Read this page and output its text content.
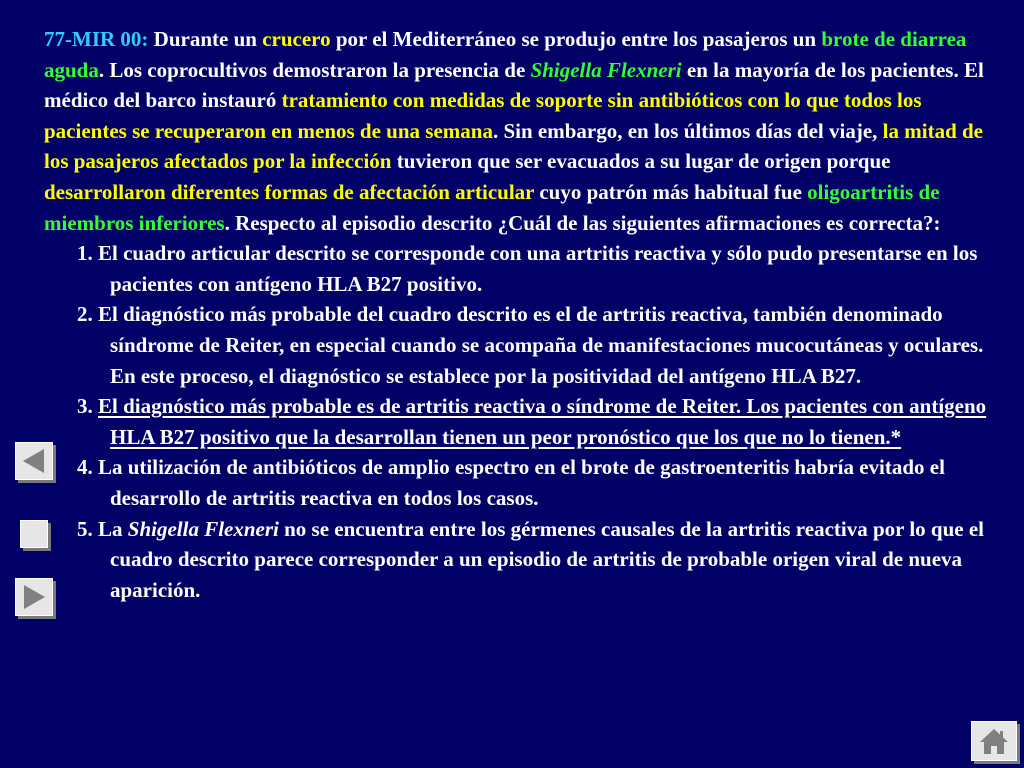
77-MIR 00: Durante un crucero por el Mediterráneo se produjo entre los pasajeros un brote de diarrea aguda. Los coprocultivos demostraron la presencia de Shigella Flexneri en la mayoría de los pacientes. El médico del barco instauró tratamiento con medidas de soporte sin antibióticos con lo que todos los pacientes se recuperaron en menos de una semana. Sin embargo, en los últimos días del viaje, la mitad de los pasajeros afectados por la infección tuvieron que ser evacuados a su lugar de origen porque desarrollaron diferentes formas de afectación articular cuyo patrón más habitual fue oligoartritis de miembros inferiores. Respecto al episodio descrito ¿Cuál de las siguientes afirmaciones es correcta?:
1. El cuadro articular descrito se corresponde con una artritis reactiva y sólo pudo presentarse en los pacientes con antígeno HLA B27 positivo.
2. El diagnóstico más probable del cuadro descrito es el de artritis reactiva, también denominado síndrome de Reiter, en especial cuando se acompaña de manifestaciones mucocutáneas y oculares. En este proceso, el diagnóstico se establece por la positividad del antígeno HLA B27.
3. El diagnóstico más probable es de artritis reactiva o síndrome de Reiter. Los pacientes con antígeno HLA B27 positivo que la desarrollan tienen un peor pronóstico que los que no lo tienen.*
4. La utilización de antibióticos de amplio espectro en el brote de gastroenteritis habría evitado el desarrollo de artritis reactiva en todos los casos.
5. La Shigella Flexneri no se encuentra entre los gérmenes causales de la artritis reactiva por lo que el cuadro descrito parece corresponder a un episodio de artritis de probable origen viral de nueva aparición.
